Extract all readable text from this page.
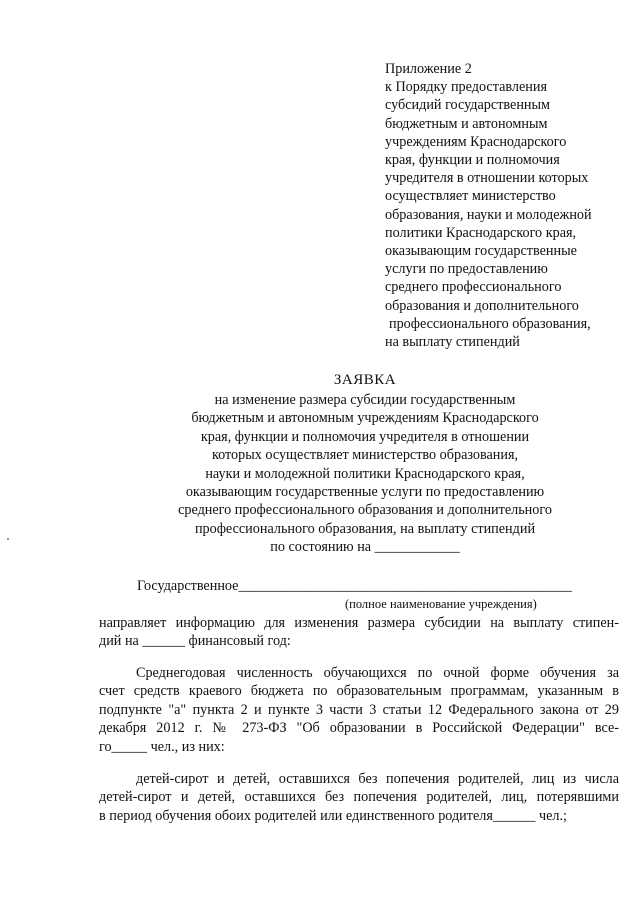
Приложение 2
к Порядку предоставления
субсидий государственным
бюджетным и автономным
учреждениям Краснодарского
края, функции и полномочия
учредителя в отношении которых
осуществляет министерство
образования, науки и молодежной
политики Краснодарского края,
оказывающим государственные
услуги по предоставлению
среднего профессионального
образования и дополнительного
профессионального образования,
на выплату стипендий
ЗАЯВКА
на изменение размера субсидии государственным
бюджетным и автономным учреждениям Краснодарского
края, функции и полномочия учредителя в отношении
которых осуществляет министерство образования,
науки и молодежной политики Краснодарского края,
оказывающим государственные услуги по предоставлению
среднего профессионального образования и дополнительного
профессионального образования, на выплату стипендий
по состоянию на ____________
Государственное_______________________________________________
(полное наименование учреждения)
направляет информацию для изменения размера субсидии на выплату стипен-
дий на ______ финансовый год:
Среднегодовая численность обучающихся по очной форме обучения за
счет средств краевого бюджета по образовательным программам, указанным в
подпункте "а" пункта 2 и пункте 3 части 3 статьи 12 Федерального закона от 29
декабря 2012 г. № 273-ФЗ "Об образовании в Российской Федерации" все-
го_____ чел., из них:
детей-сирот и детей, оставшихся без попечения родителей, лиц из числа
детей-сирот и детей, оставшихся без попечения родителей, лиц, потерявшими
в период обучения обоих родителей или единственного родителя______ чел.;
